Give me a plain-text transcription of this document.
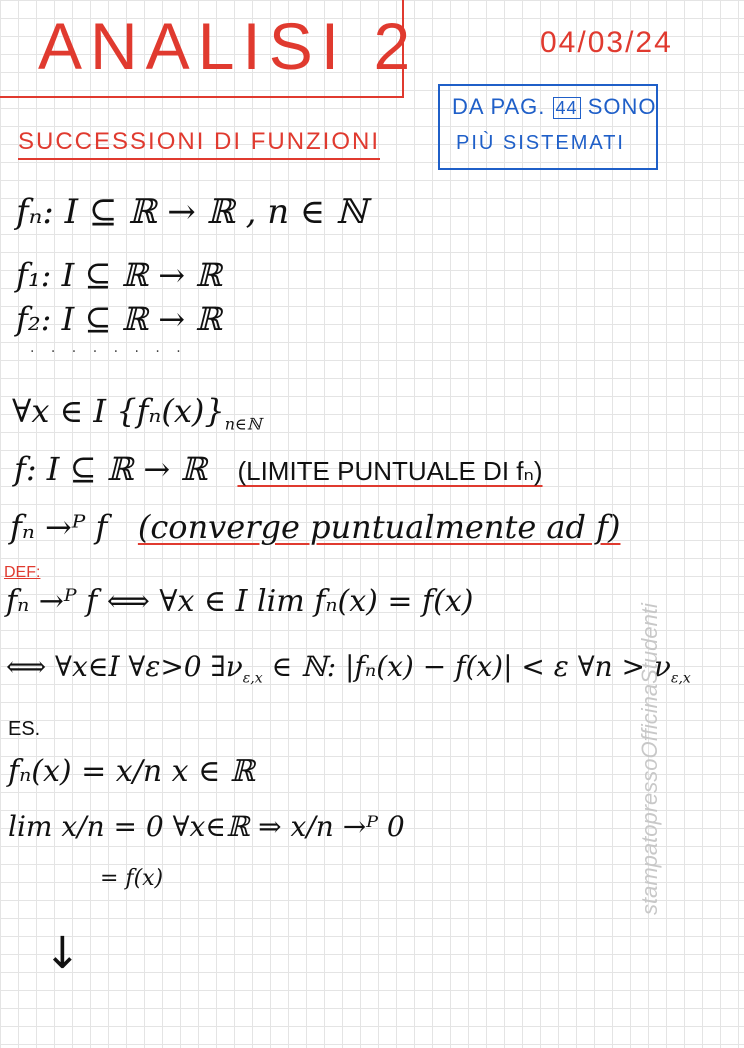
ANALISI 2	04/03/24
SUCCESSIONI DI FUNZIONI
DA PAG. 44 SONO
PIÙ SISTEMATI
fₙ: I ⊆ ℝ → ℝ , n ∈ ℕ
f₁: I ⊆ ℝ → ℝ
f₂: I ⊆ ℝ → ℝ
. . . . . . . .
∀x ∈ I $\{f_n(x)\}_{n\in ℕ}$
f: I ⊆ ℝ → ℝ (LIMITE PUNTUALE DI fₙ)
fₙ →ᴾ f (converge puntualmente ad f)
DEF:
fₙ →ᴾ f ⟺ ∀x ∈ I lim fₙ(x) = f(x)
⟺ ∀x∈I ∀ε>0 $\exists\nu_{\varepsilon,x}$ ∈ ℕ: |fₙ(x) − f(x)| < ε ∀n > $\nu_{\varepsilon,x}$
ES.
fₙ(x) = x/n x ∈ ℝ
lim x/n = 0 ∀x∈ℝ ⇒ x/n →ᴾ 0
= f(x)
↓
stampatopressoOfficinaStudenti
